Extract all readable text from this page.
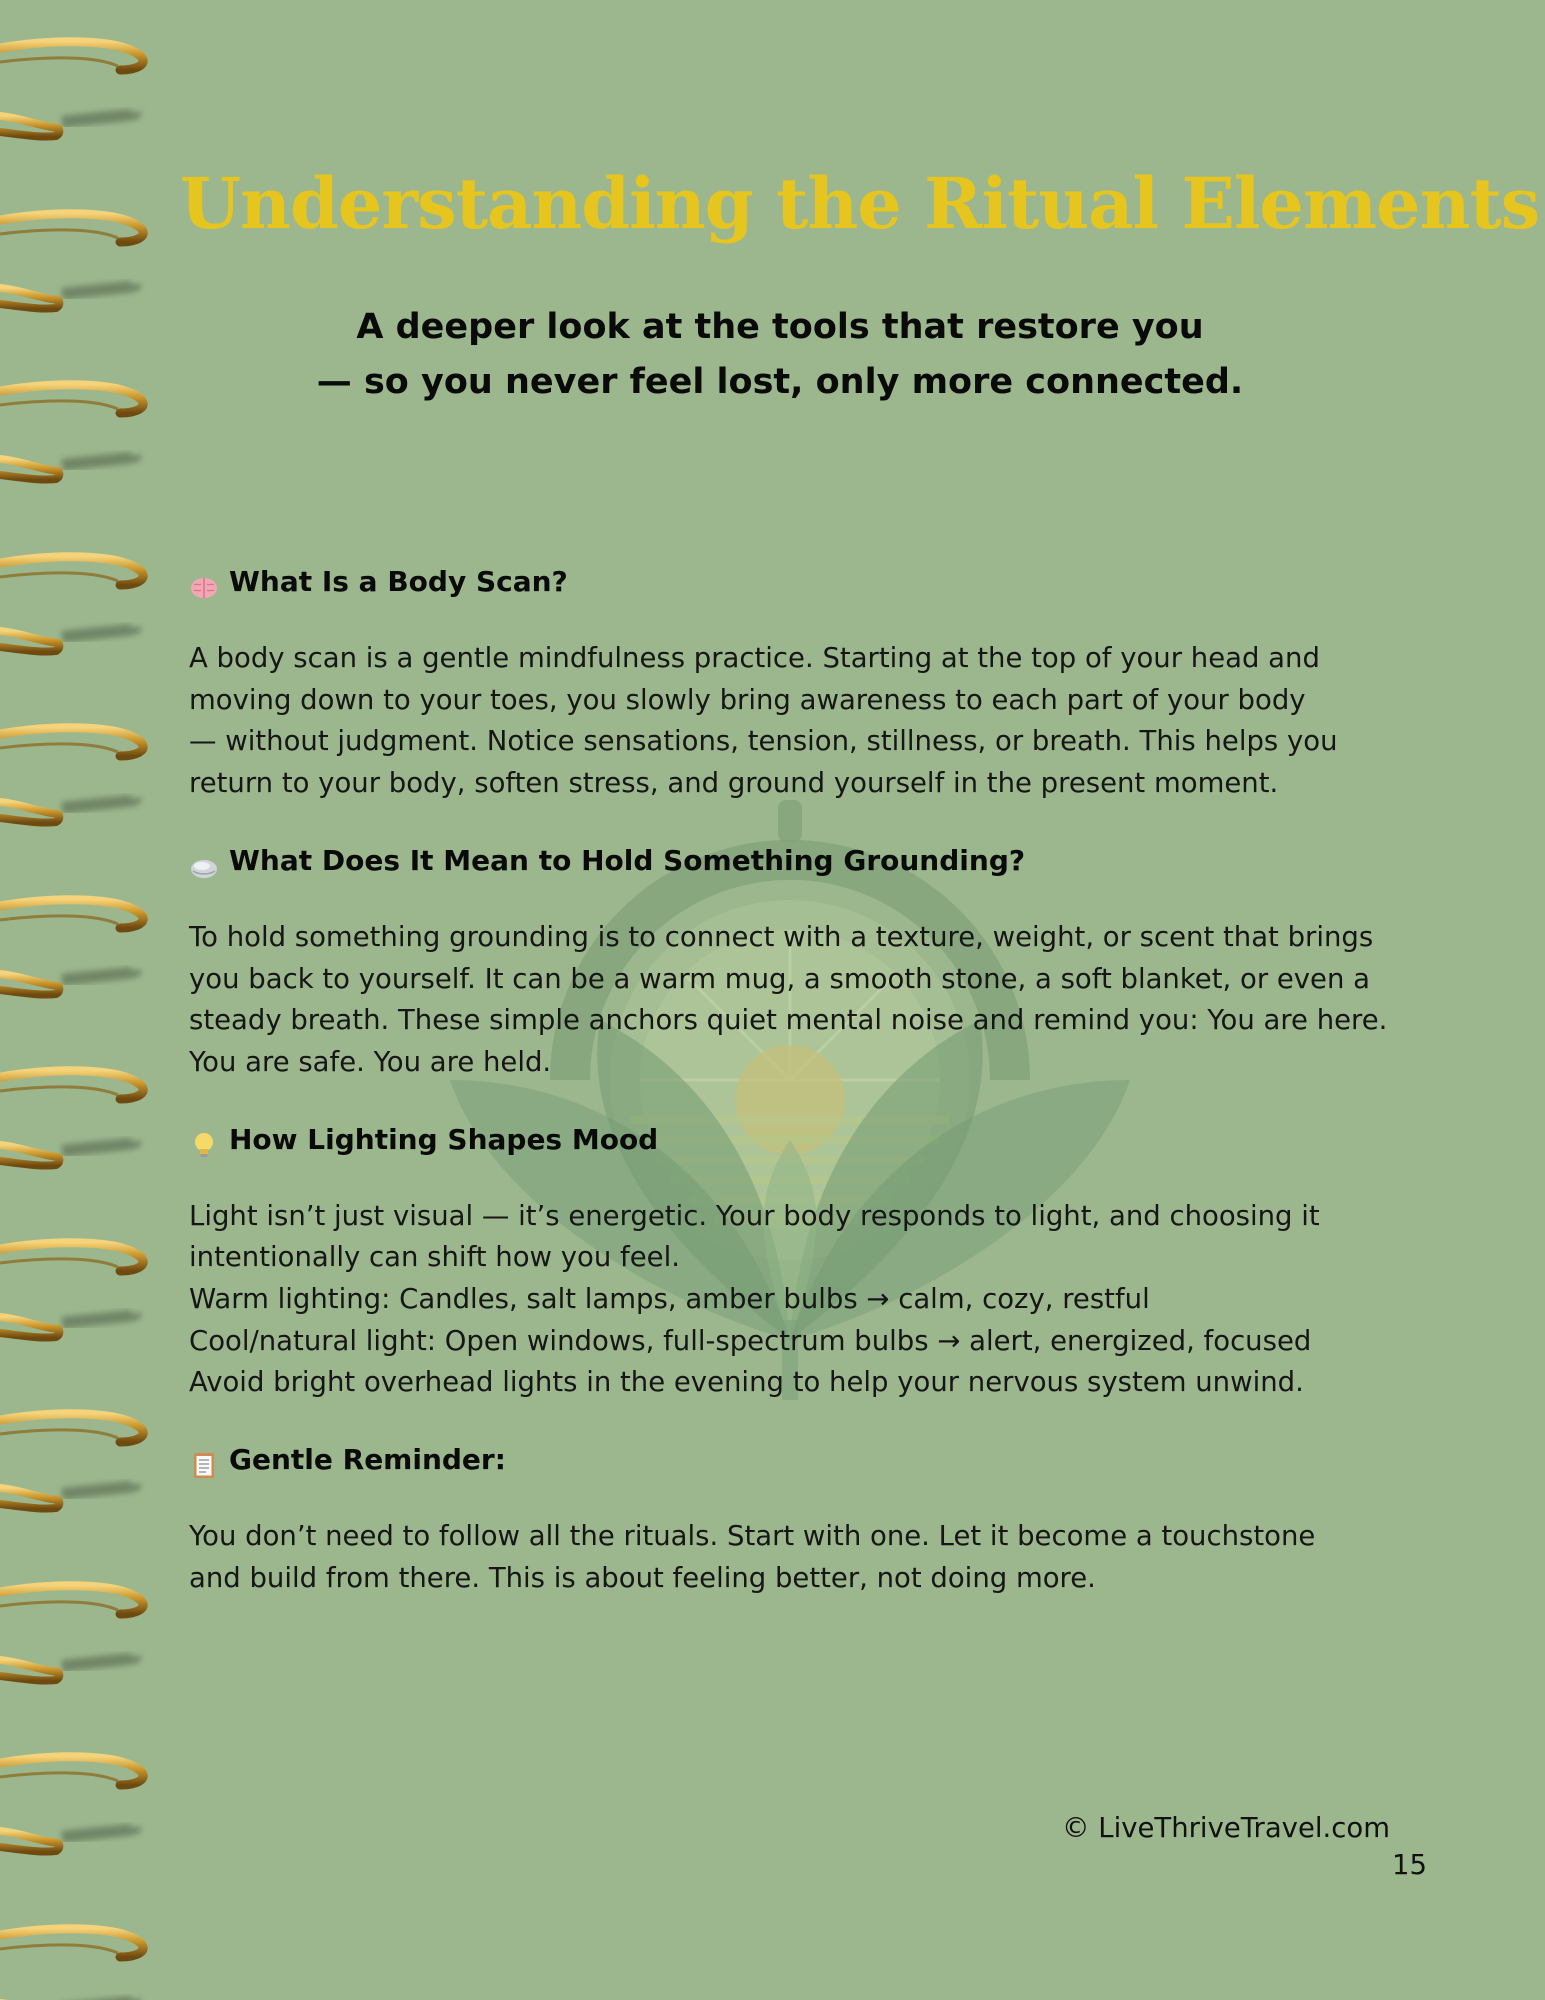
Understanding the Ritual Elements
A deeper look at the tools that restore you
— so you never feel lost, only more connected.
What Is a Body Scan?

A body scan is a gentle mindfulness practice. Starting at the top of your head and
moving down to your toes, you slowly bring awareness to each part of your body
— without judgment. Notice sensations, tension, stillness, or breath. This helps you
return to your body, soften stress, and ground yourself in the present moment.

What Does It Mean to Hold Something Grounding?

To hold something grounding is to connect with a texture, weight, or scent that brings
you back to yourself. It can be a warm mug, a smooth stone, a soft blanket, or even a
steady breath. These simple anchors quiet mental noise and remind you: You are here.
You are safe. You are held.

How Lighting Shapes Mood

Light isn’t just visual — it’s energetic. Your body responds to light, and choosing it
intentionally can shift how you feel.
Warm lighting: Candles, salt lamps, amber bulbs → calm, cozy, restful
Cool/natural light: Open windows, full-spectrum bulbs → alert, energized, focused
Avoid bright overhead lights in the evening to help your nervous system unwind.

Gentle Reminder:

You don’t need to follow all the rituals. Start with one. Let it become a touchstone
and build from there. This is about feeling better, not doing more.

© LiveThriveTravel.com
15
